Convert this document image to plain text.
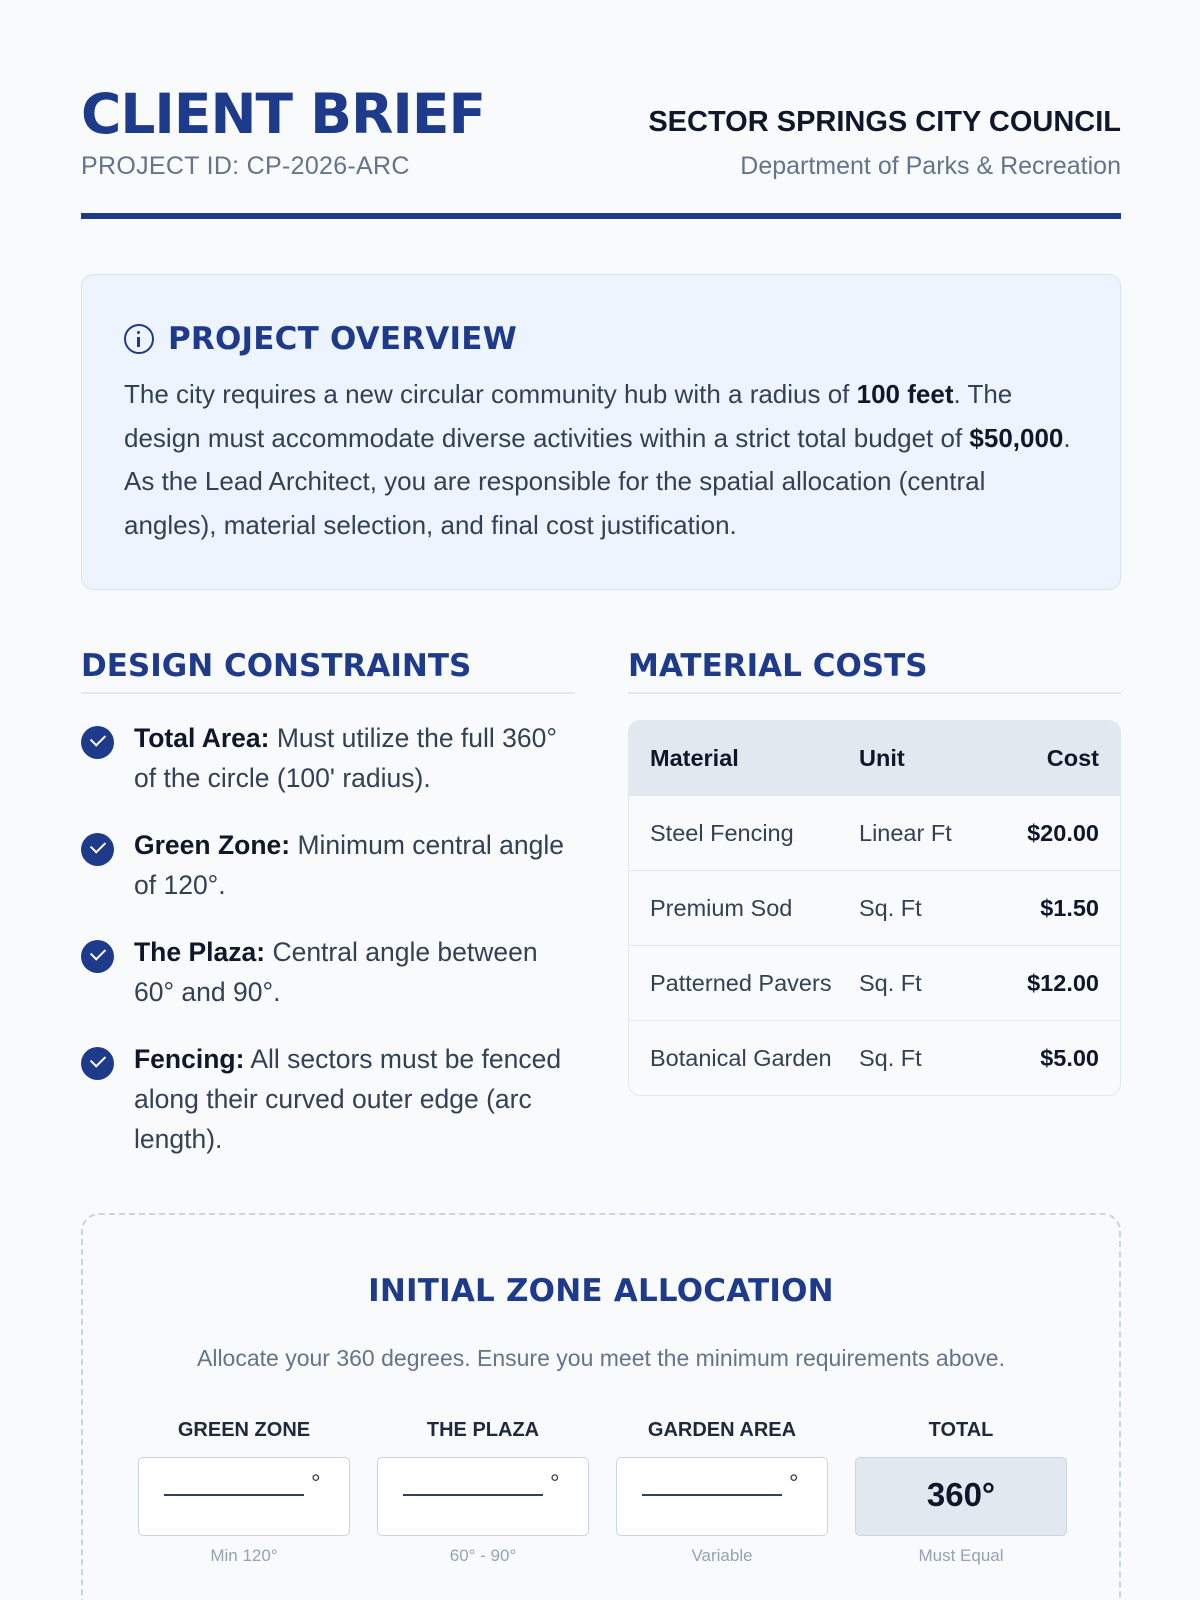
CLIENT BRIEF
PROJECT ID: CP-2026-ARC
SECTOR SPRINGS CITY COUNCIL
Department of Parks & Recreation
PROJECT OVERVIEW

The city requires a new circular community hub with a radius of 100 feet. The design must accommodate diverse activities within a strict total budget of $50,000. As the Lead Architect, you are responsible for the spatial allocation (central angles), material selection, and final cost justification.

DESIGN CONSTRAINTS	MATERIAL COSTS
Total Area: Must utilize the full 360° of the circle (100' radius).
Green Zone: Minimum central angle of 120°.
The Plaza: Central angle between 60° and 90°.
Fencing: All sectors must be fenced along their curved outer edge (arc length).
Material	Unit	Cost
Steel Fencing	Linear Ft	$20.00
Premium Sod	Sq. Ft	$1.50
Patterned Pavers	Sq. Ft	$12.00
Botanical Garden	Sq. Ft	$5.00
INITIAL ZONE ALLOCATION

Allocate your 360 degrees. Ensure you meet the minimum requirements above.

GREEN ZONE
°
Min 120°
THE PLAZA
°
60° - 90°
GARDEN AREA
°
Variable
TOTAL
360°
Must Equal
